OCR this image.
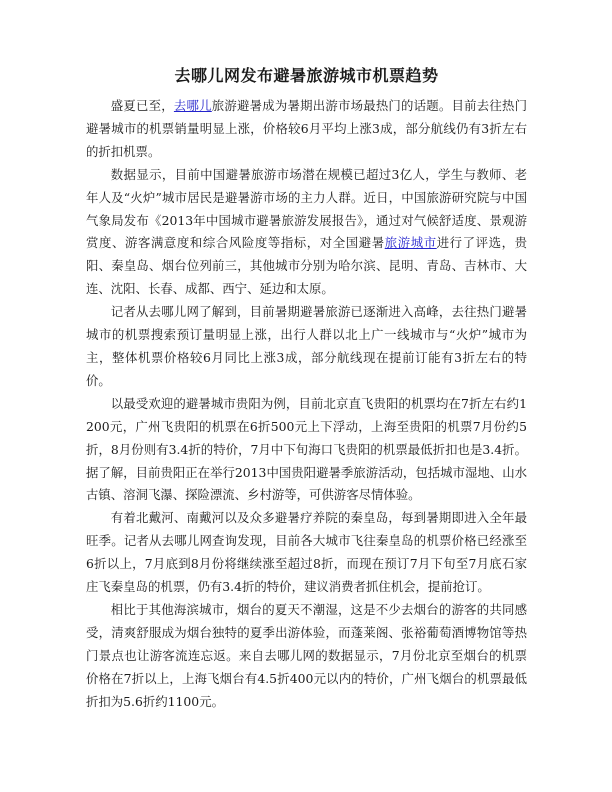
去哪儿网发布避暑旅游城市机票趋势

盛夏已至，去哪儿旅游避暑成为暑期出游市场最热门的话题。目前去往热门避暑城市的机票销量明显上涨，价格较6月平均上涨3成，部分航线仍有3折左右的折扣机票。

数据显示，目前中国避暑旅游市场潜在规模已超过3亿人，学生与教师、老年人及“火炉”城市居民是避暑游市场的主力人群。近日，中国旅游研究院与中国气象局发布《2013年中国城市避暑旅游发展报告》，通过对气候舒适度、景观游赏度、游客满意度和综合风险度等指标，对全国避暑旅游城市进行了评选，贵阳、秦皇岛、烟台位列前三，其他城市分别为哈尔滨、昆明、青岛、吉林市、大连、沈阳、长春、成都、西宁、延边和太原。

记者从去哪儿网了解到，目前暑期避暑旅游已逐渐进入高峰，去往热门避暑城市的机票搜索预订量明显上涨，出行人群以北上广一线城市与“火炉”城市为主，整体机票价格较6月同比上涨3成，部分航线现在提前订能有3折左右的特价。

以最受欢迎的避暑城市贵阳为例，目前北京直飞贵阳的机票均在7折左右约1200元，广州飞贵阳的机票在6折500元上下浮动，上海至贵阳的机票7月份约5折，8月份则有3.4折的特价，7月中下旬海口飞贵阳的机票最低折扣也是3.4折。据了解，目前贵阳正在举行2013中国贵阳避暑季旅游活动，包括城市湿地、山水古镇、溶洞飞瀑、探险漂流、乡村游等，可供游客尽情体验。

有着北戴河、南戴河以及众多避暑疗养院的秦皇岛，每到暑期即进入全年最旺季。记者从去哪儿网查询发现，目前各大城市飞往秦皇岛的机票价格已经涨至6折以上，7月底到8月份将继续涨至超过8折，而现在预订7月下旬至7月底石家庄飞秦皇岛的机票，仍有3.4折的特价，建议消费者抓住机会，提前抢订。

相比于其他海滨城市，烟台的夏天不潮湿，这是不少去烟台的游客的共同感受，清爽舒服成为烟台独特的夏季出游体验，而蓬莱阁、张裕葡萄酒博物馆等热门景点也让游客流连忘返。来自去哪儿网的数据显示，7月份北京至烟台的机票价格在7折以上，上海飞烟台有4.5折400元以内的特价，广州飞烟台的机票最低折扣为5.6折约1100元。
